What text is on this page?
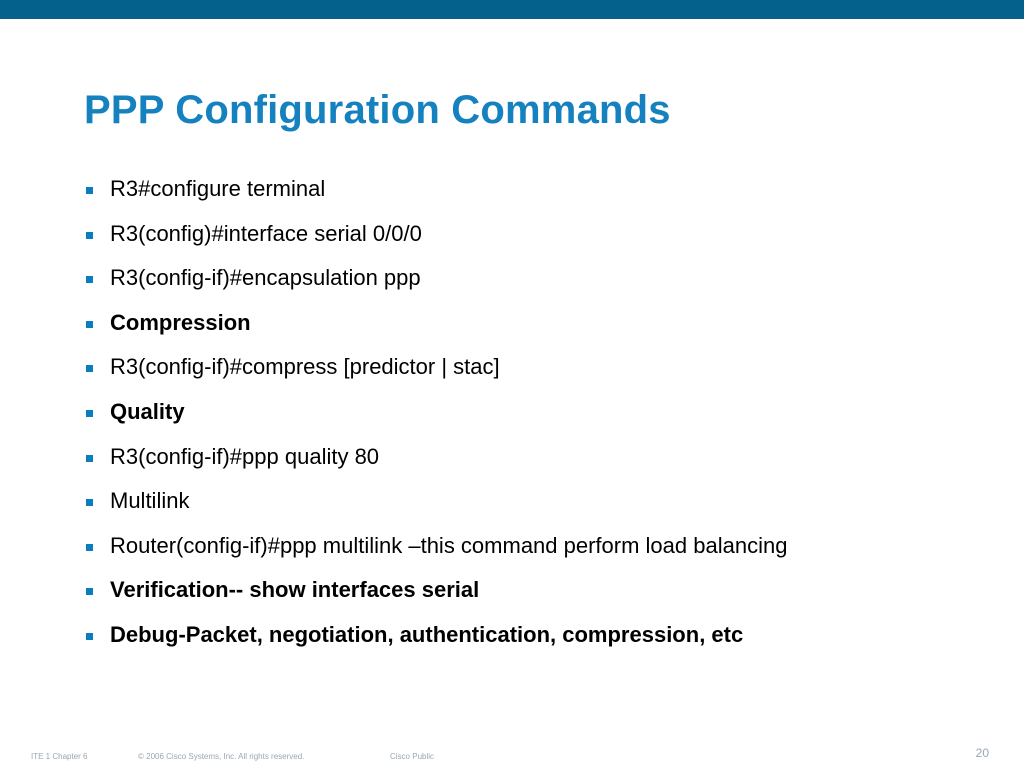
PPP Configuration Commands
R3#configure terminal
R3(config)#interface serial 0/0/0
R3(config-if)#encapsulation ppp
Compression
R3(config-if)#compress [predictor | stac]
Quality
R3(config-if)#ppp quality 80
Multilink
Router(config-if)#ppp multilink –this command perform load balancing
Verification-- show interfaces serial
Debug-Packet, negotiation, authentication, compression, etc
ITE 1 Chapter 6	© 2006 Cisco Systems, Inc. All rights reserved.	Cisco Public	20
